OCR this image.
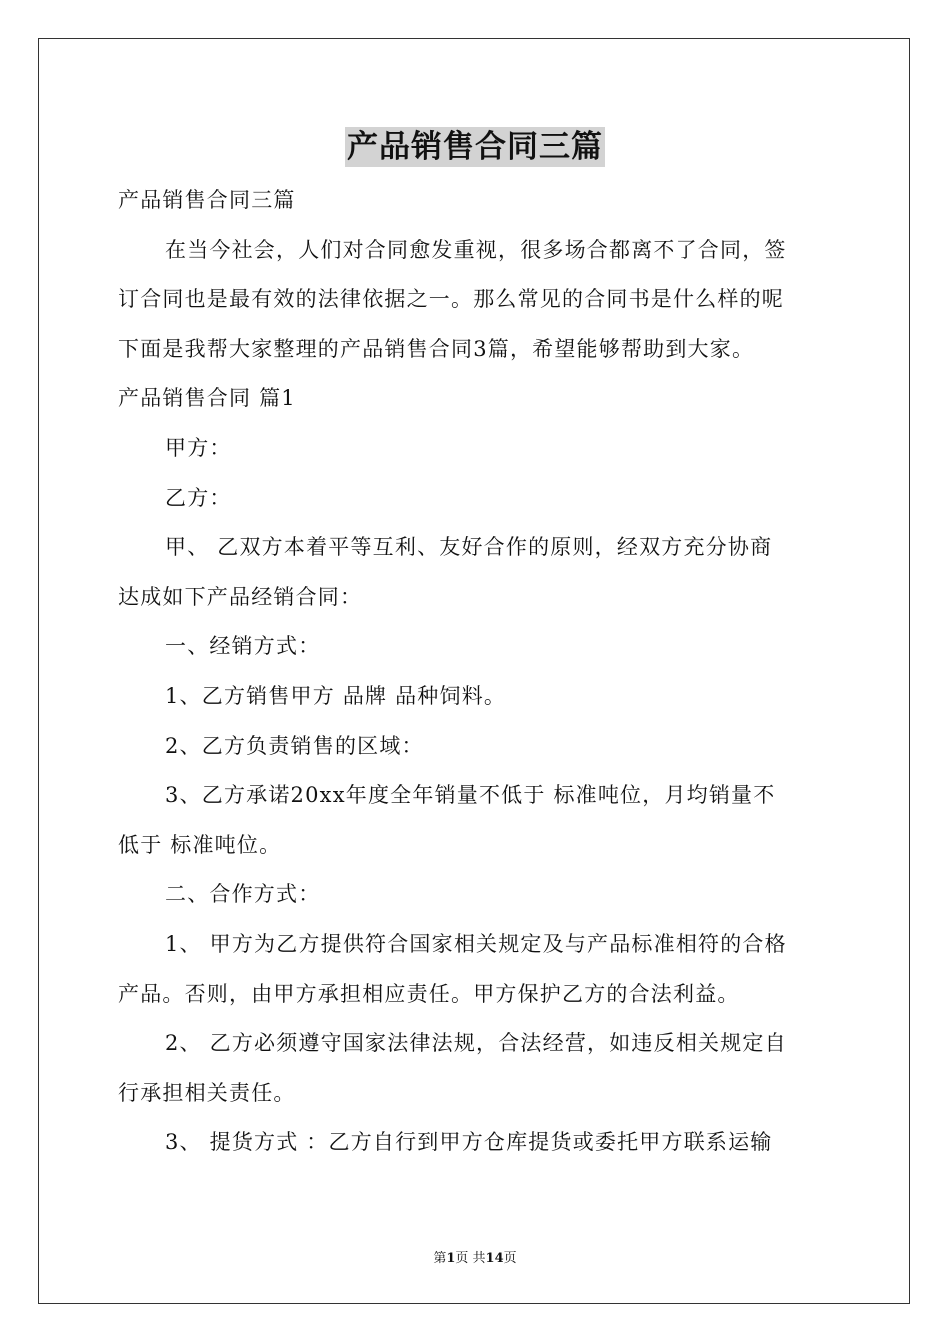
产品销售合同三篇
产品销售合同三篇
在当今社会，人们对合同愈发重视，很多场合都离不了合同，签
订合同也是最有效的法律依据之一。那么常见的合同书是什么样的呢
下面是我帮大家整理的产品销售合同3篇，希望能够帮助到大家。
产品销售合同 篇1
甲方：
乙方：
甲、 乙双方本着平等互利、友好合作的原则，经双方充分协商
达成如下产品经销合同：
一、经销方式：
1、乙方销售甲方 品牌 品种饲料。
2、乙方负责销售的区域：
3、乙方承诺20xx年度全年销量不低于 标准吨位，月均销量不
低于 标准吨位。
二、合作方式：
1、 甲方为乙方提供符合国家相关规定及与产品标准相符的合格
产品。否则，由甲方承担相应责任。甲方保护乙方的合法利益。
2、 乙方必须遵守国家法律法规，合法经营，如违反相关规定自
行承担相关责任。
3、 提货方式 ：乙方自行到甲方仓库提货或委托甲方联系运输
第1页 共14页
